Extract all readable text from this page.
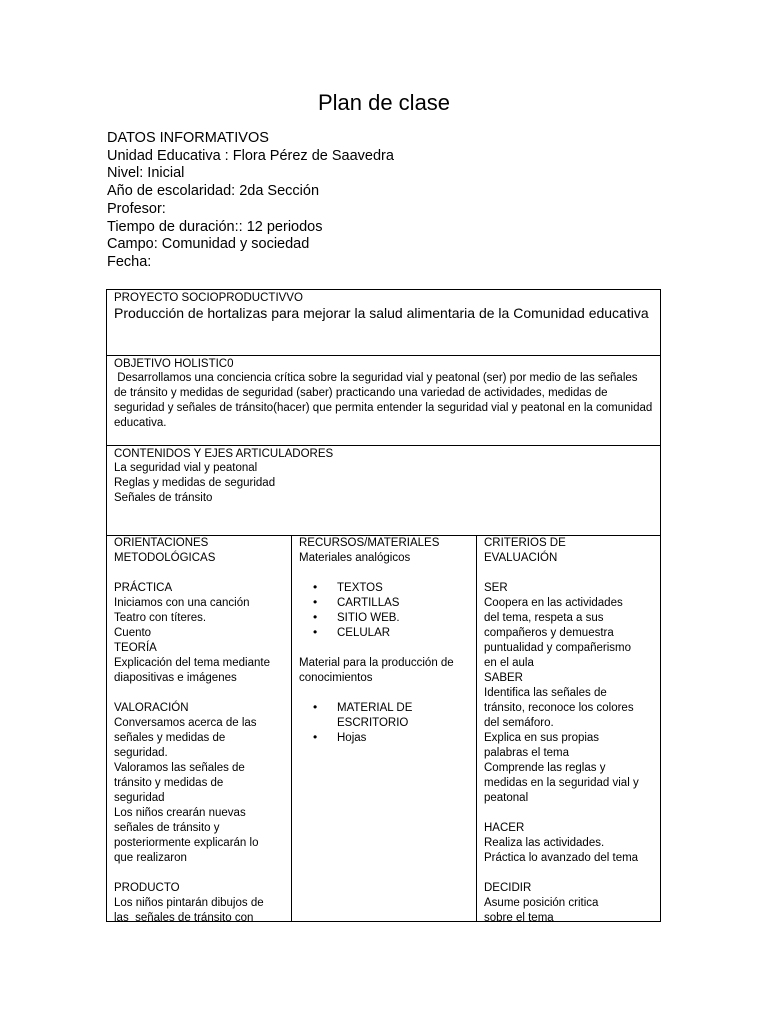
Plan de clase
DATOS INFORMATIVOS
Unidad Educativa : Flora Pérez de Saavedra
Nivel: Inicial
Año de escolaridad: 2da Sección
Profesor:
Tiempo de duración:: 12 periodos
Campo: Comunidad y sociedad
Fecha:
PROYECTO SOCIOPRODUCTIVVO
Producción de hortalizas para mejorar la salud alimentaria de la Comunidad educativa
OBJETIVO HOLISTIC0
Desarrollamos una conciencia crítica sobre la seguridad vial y peatonal (ser) por medio de las señales de tránsito y medidas de seguridad (saber) practicando una variedad de actividades, medidas de seguridad y señales de tránsito(hacer) que permita entender la seguridad vial y peatonal en la comunidad educativa.
CONTENIDOS Y EJES ARTICULADORES
La seguridad vial y peatonal
Reglas y medidas de seguridad
Señales de tránsito
ORIENTACIONES
METODOLÓGICAS
PRÁCTICA
Iniciamos con una canción
Teatro con títeres.
Cuento
TEORÍA
Explicación del tema mediante
diapositivas e imágenes
VALORACIÓN
Conversamos acerca de las
señales y medidas de
seguridad.
Valoramos las señales de
tránsito y medidas de
seguridad
Los niños crearán nuevas
señales de tránsito y
posteriormente explicarán lo
que realizaron
PRODUCTO
Los niños pintarán dibujos de
las  señales de tránsito con
RECURSOS/MATERIALES
Materiales analógicos
• TEXTOS
• CARTILLAS
• SITIO WEB.
• CELULAR
Material para la producción de
conocimientos
• MATERIAL DE
ESCRITORIO
• Hojas
CRITERIOS DE
EVALUACIÓN
SER
Coopera en las actividades
del tema, respeta a sus
compañeros y demuestra
puntualidad y compañerismo
en el aula
SABER
Identifica las señales de
tránsito, reconoce los colores
del semáforo.
Explica en sus propias
palabras el tema
Comprende las reglas y
medidas en la seguridad vial y
peatonal
HACER
Realiza las actividades.
Práctica lo avanzado del tema
DECIDIR
Asume posición critica
sobre el tema
